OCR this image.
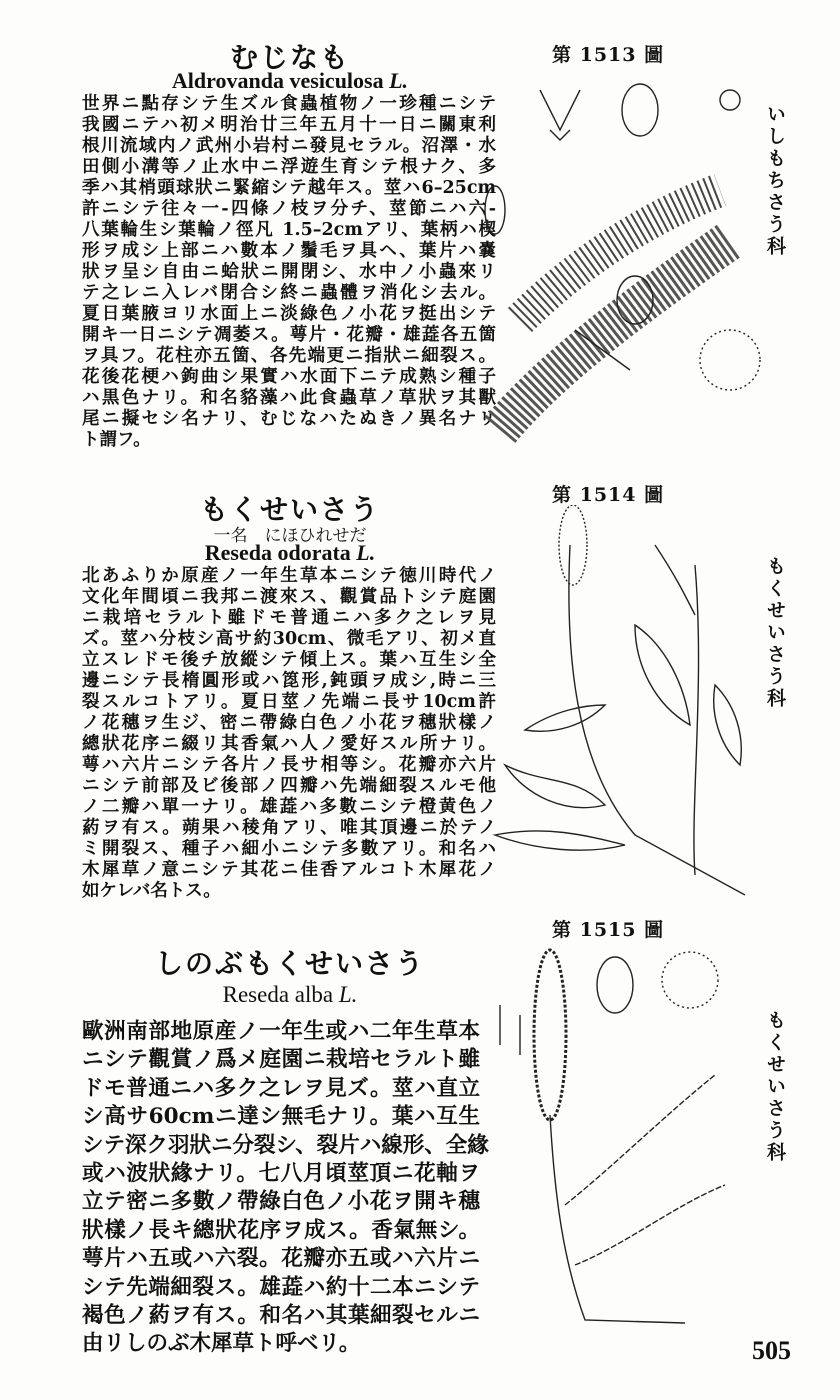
むじなも
Aldrovanda vesiculosa L.
世界ニ點存シテ生ズル食蟲植物ノ一珍種ニシテ
我國ニテハ初メ明治廿三年五月十一日ニ關東利
根川流域内ノ武州小岩村ニ發見セラル。沼澤・水
田側小溝等ノ止水中ニ浮遊生育シテ根ナク、多
季ハ其梢頭球狀ニ緊縮シテ越年ス。莖ハ6–25cm
許ニシテ往々一-四條ノ枝ヲ分チ、莖節ニハ六-
八葉輪生シ葉輪ノ徑凡 1.5–2cmアリ、葉柄ハ楔
形ヲ成シ上部ニハ數本ノ鬚毛ヲ具ヘ、葉片ハ嚢
狀ヲ呈シ自由ニ蛤狀ニ開閉シ、水中ノ小蟲來リ
テ之レニ入レバ閉合シ終ニ蟲體ヲ消化シ去ル。
夏日葉腋ヨリ水面上ニ淡綠色ノ小花ヲ挺出シテ
開キ一日ニシテ凋萎ス。萼片・花瓣・雄蕋各五箇
ヲ具フ。花柱亦五箇、各先端更ニ指狀ニ細裂ス。
花後花梗ハ鉤曲シ果實ハ水面下ニテ成熟シ種子
ハ黒色ナリ。和名貉藻ハ此食蟲草ノ草狀ヲ其獸
尾ニ擬セシ名ナリ、むじなハたぬきノ異名ナリ
ト謂フ。
第 1513 圖
いしもちさう科
もくせいさう
一名　にほひれせだ
Reseda odorata L.
北あふりか原産ノ一年生草本ニシテ徳川時代ノ
文化年間頃ニ我邦ニ渡來ス、觀賞品トシテ庭園
ニ栽培セラルト雖ドモ普通ニハ多ク之レヲ見
ズ。莖ハ分枝シ高サ約30cm、微毛アリ、初メ直
立スレドモ後チ放縱シテ傾上ス。葉ハ互生シ全
邊ニシテ長楕圓形或ハ箆形,鈍頭ヲ成シ,時ニ三
裂スルコトアリ。夏日莖ノ先端ニ長サ10cm許
ノ花穗ヲ生ジ、密ニ帶綠白色ノ小花ヲ穗狀樣ノ
總狀花序ニ綴リ其香氣ハ人ノ愛好スル所ナリ。
萼ハ六片ニシテ各片ノ長サ相等シ。花瓣亦六片
ニシテ前部及ビ後部ノ四瓣ハ先端細裂スルモ他
ノ二瓣ハ單一ナリ。雄蕋ハ多數ニシテ橙黄色ノ
葯ヲ有ス。蒴果ハ稜角アリ、唯其頂邊ニ於テノ
ミ開裂ス、種子ハ細小ニシテ多數アリ。和名ハ
木犀草ノ意ニシテ其花ニ佳香アルコト木犀花ノ
如ケレバ名トス。
第 1514 圖
もくせいさう科
しのぶもくせいさう
Reseda alba L.
歐洲南部地原産ノ一年生或ハ二年生草本
ニシテ觀賞ノ爲メ庭園ニ栽培セラルト雖
ドモ普通ニハ多ク之レヲ見ズ。莖ハ直立
シ高サ60cmニ達シ無毛ナリ。葉ハ互生
シテ深ク羽狀ニ分裂シ、裂片ハ線形、全緣
或ハ波狀緣ナリ。七八月頃莖頂ニ花軸ヲ
立テ密ニ多數ノ帶綠白色ノ小花ヲ開キ穗
狀樣ノ長キ總狀花序ヲ成ス。香氣無シ。
萼片ハ五或ハ六裂。花瓣亦五或ハ六片ニ
シテ先端細裂ス。雄蕋ハ約十二本ニシテ
褐色ノ葯ヲ有ス。和名ハ其葉細裂セルニ
由リしのぶ木犀草ト呼ベリ。
第 1515 圖
もくせいさう科
505
